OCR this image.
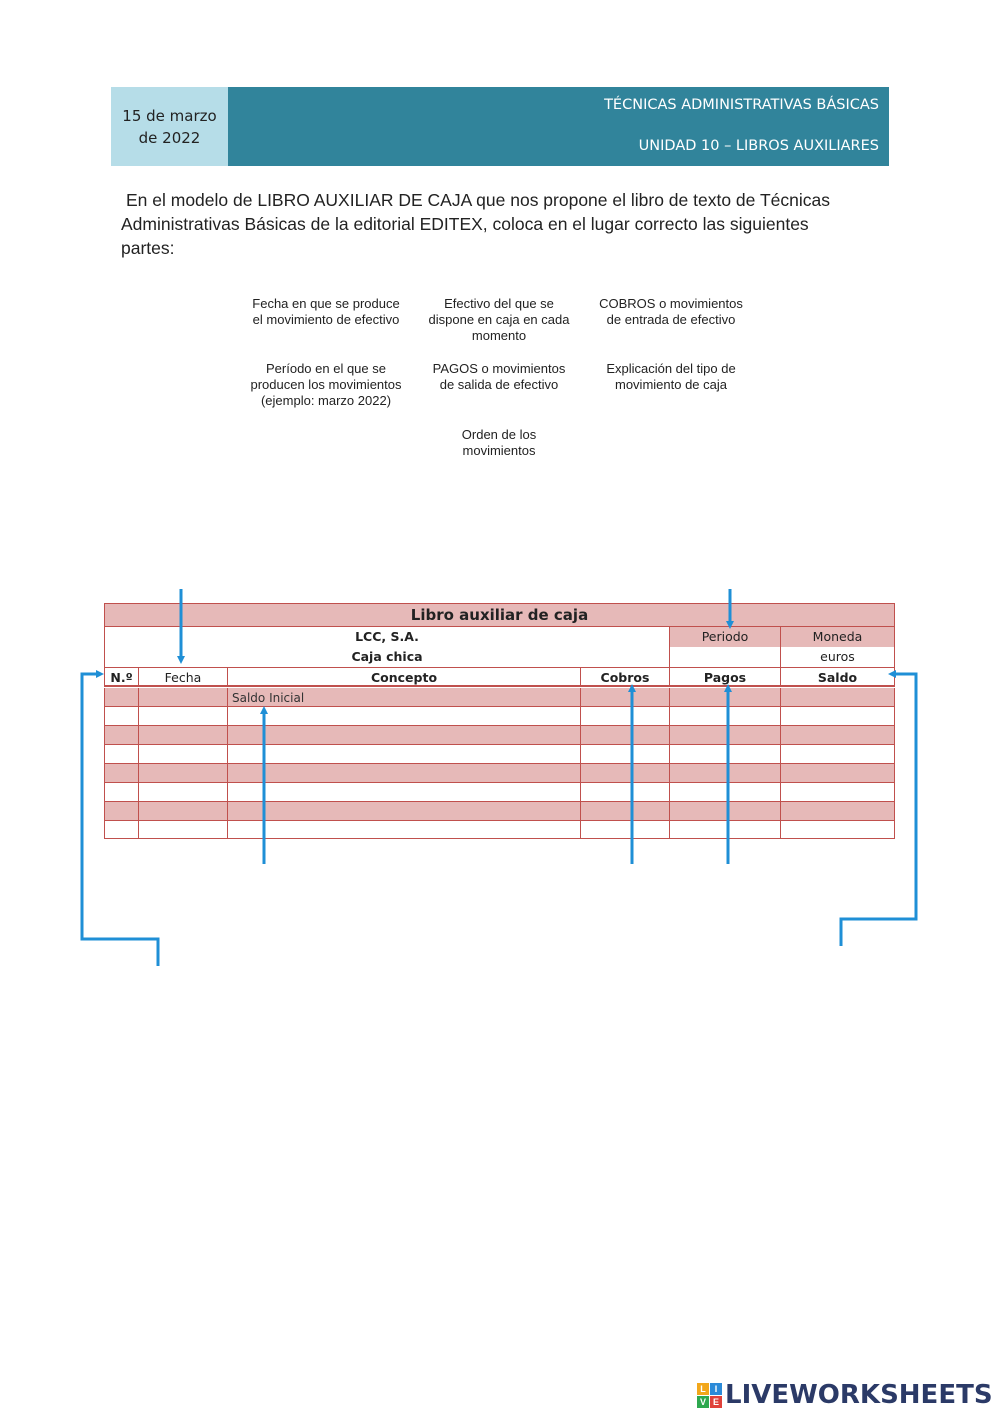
15 de marzo
de 2022
TÉCNICAS ADMINISTRATIVAS BÁSICAS
UNIDAD 10 – LIBROS AUXILIARES
En el modelo de LIBRO AUXILIAR DE CAJA que nos propone el libro de texto de Técnicas
Administrativas Básicas de la editorial EDITEX, coloca en el lugar correcto las siguientes
partes:
Fecha en que se produce
el movimiento de efectivo
Efectivo del que se
dispone en caja en cada
momento
COBROS o movimientos
de entrada de efectivo
Período en el que se
producen los movimientos
(ejemplo: marzo 2022)
PAGOS o movimientos
de salida de efectivo
Explicación del tipo de
movimiento de caja
Orden de los
movimientos
Libro auxiliar de caja
LCC, S.A.
Caja chica
Periodo	Moneda
euros
N.º	Fecha	Concepto	Cobros	Pagos	Saldo
Saldo Inicial
L I
V E LIVEWORKSHEETS
